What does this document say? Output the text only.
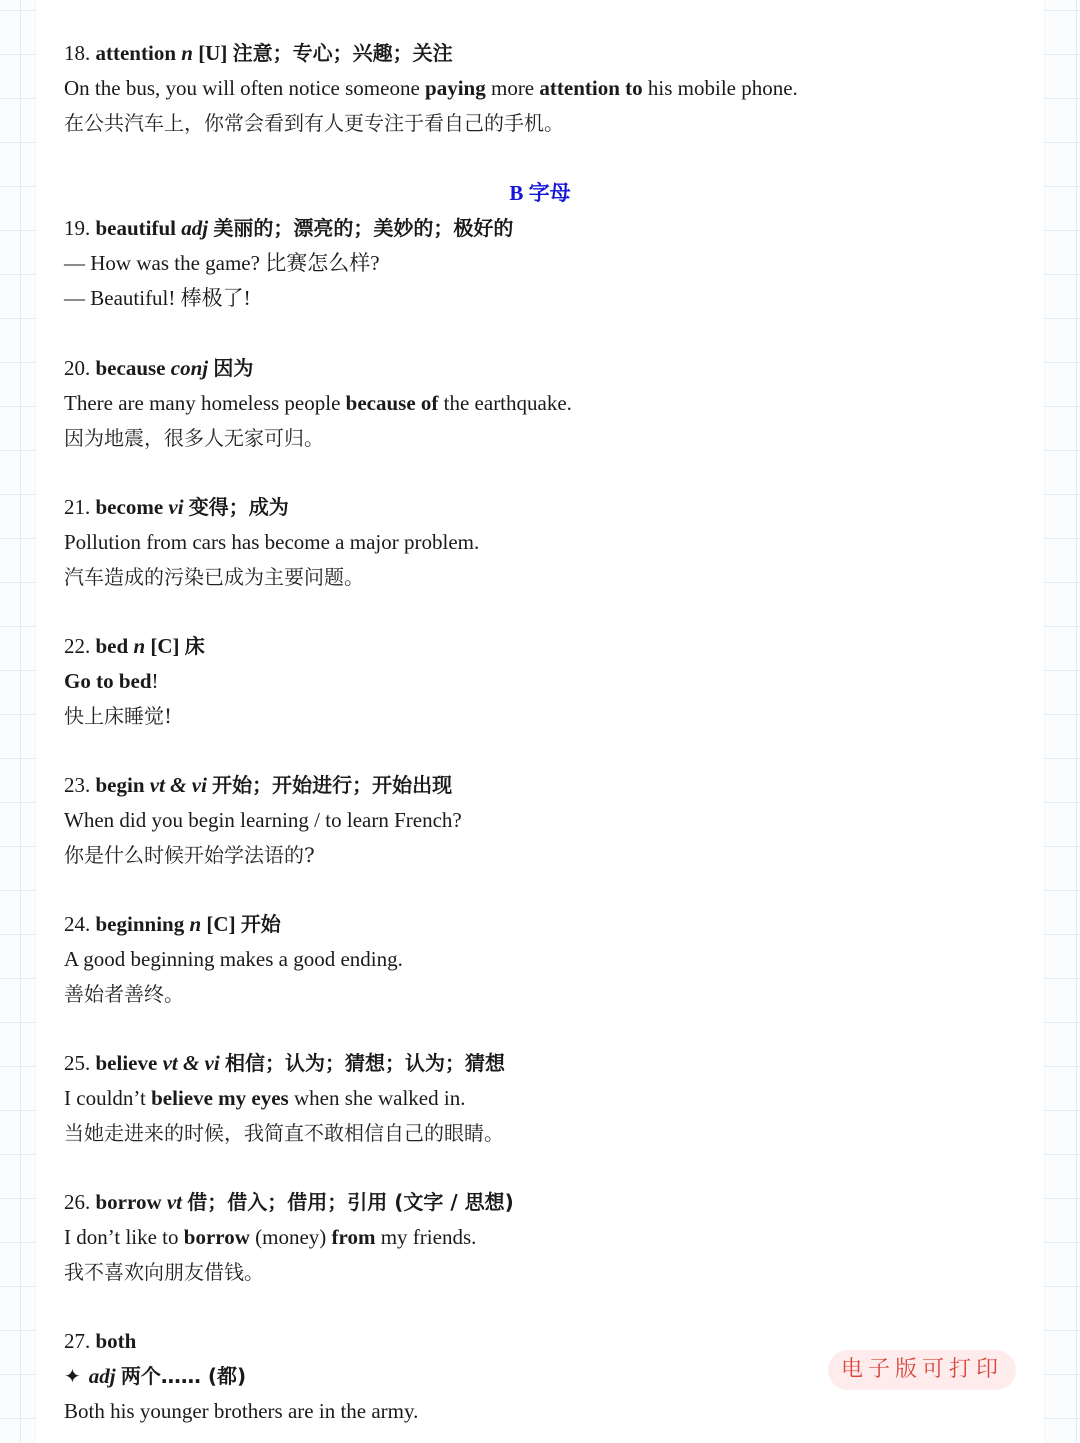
18. attention n [U] 注意；专心；兴趣；关注
On the bus, you will often notice someone paying more attention to his mobile phone.
在公共汽车上，你常会看到有人更专注于看自己的手机。
B 字母
19. beautiful adj 美丽的；漂亮的；美妙的；极好的
— How was the game? 比赛怎么样?
— Beautiful! 棒极了!
20. because conj 因为
There are many homeless people because of the earthquake.
因为地震，很多人无家可归。
21. become vi 变得；成为
Pollution from cars has become a major problem.
汽车造成的污染已成为主要问题。
22. bed n [C] 床
Go to bed!
快上床睡觉!
23. begin vt & vi 开始；开始进行；开始出现
When did you begin learning / to learn French?
你是什么时候开始学法语的?
24. beginning n [C] 开始
A good beginning makes a good ending.
善始者善终。
25. believe vt & vi 相信；认为；猜想；认为；猜想
I couldn’t believe my eyes when she walked in.
当她走进来的时候，我简直不敢相信自己的眼睛。
26. borrow vt 借；借入；借用；引用 (文字 / 思想)
I don’t like to borrow (money) from my friends.
我不喜欢向朋友借钱。
27. both
✦ adj 两个…… (都)
Both his younger brothers are in the army.
电子版可打印
